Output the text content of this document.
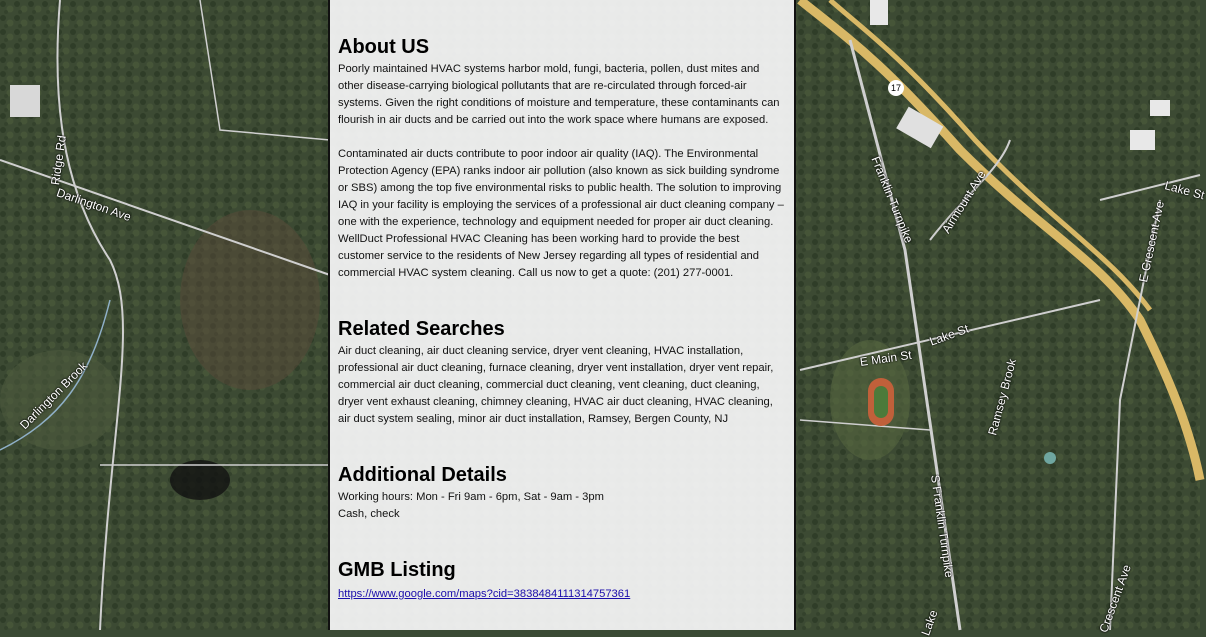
Ridge Rd
Darlington Ave
Darlington Brook
17
Franklin Turnpike Airmount Ave	Lake St
E Crescent Ave
Lake St
E Main St	Ramsey Brook
S Franklin Turnpike
Crescent Ave
Lake
About US

Poorly maintained HVAC systems harbor mold, fungi, bacteria, pollen, dust mites and other disease-carrying biological pollutants that are re-circulated through forced-air systems. Given the right conditions of moisture and temperature, these contaminants can flourish in air ducts and be carried out into the work space where humans are exposed.

Contaminated air ducts contribute to poor indoor air quality (IAQ). The Environmental Protection Agency (EPA) ranks indoor air pollution (also known as sick building syndrome or SBS) among the top five environmental risks to public health. The solution to improving IAQ in your facility is employing the services of a professional air duct cleaning company – one with the experience, technology and equipment needed for proper air duct cleaning.

WellDuct Professional HVAC Cleaning has been working hard to provide the best customer service to the residents of New Jersey regarding all types of residential and commercial HVAC system cleaning. Call us now to get a quote: (201) 277-0001.

Related Searches

Air duct cleaning, air duct cleaning service, dryer vent cleaning, HVAC installation, professional air duct cleaning, furnace cleaning, dryer vent installation, dryer vent repair, commercial air duct cleaning, commercial duct cleaning, vent cleaning, duct cleaning, dryer vent exhaust cleaning, chimney cleaning, HVAC air duct cleaning, HVAC cleaning, air duct system sealing, minor air duct installation, Ramsey, Bergen County, NJ

Additional Details

Working hours: Mon - Fri 9am - 6pm, Sat - 9am - 3pm

Cash, check

GMB Listing
https://www.google.com/maps?cid=3838484111314757361
